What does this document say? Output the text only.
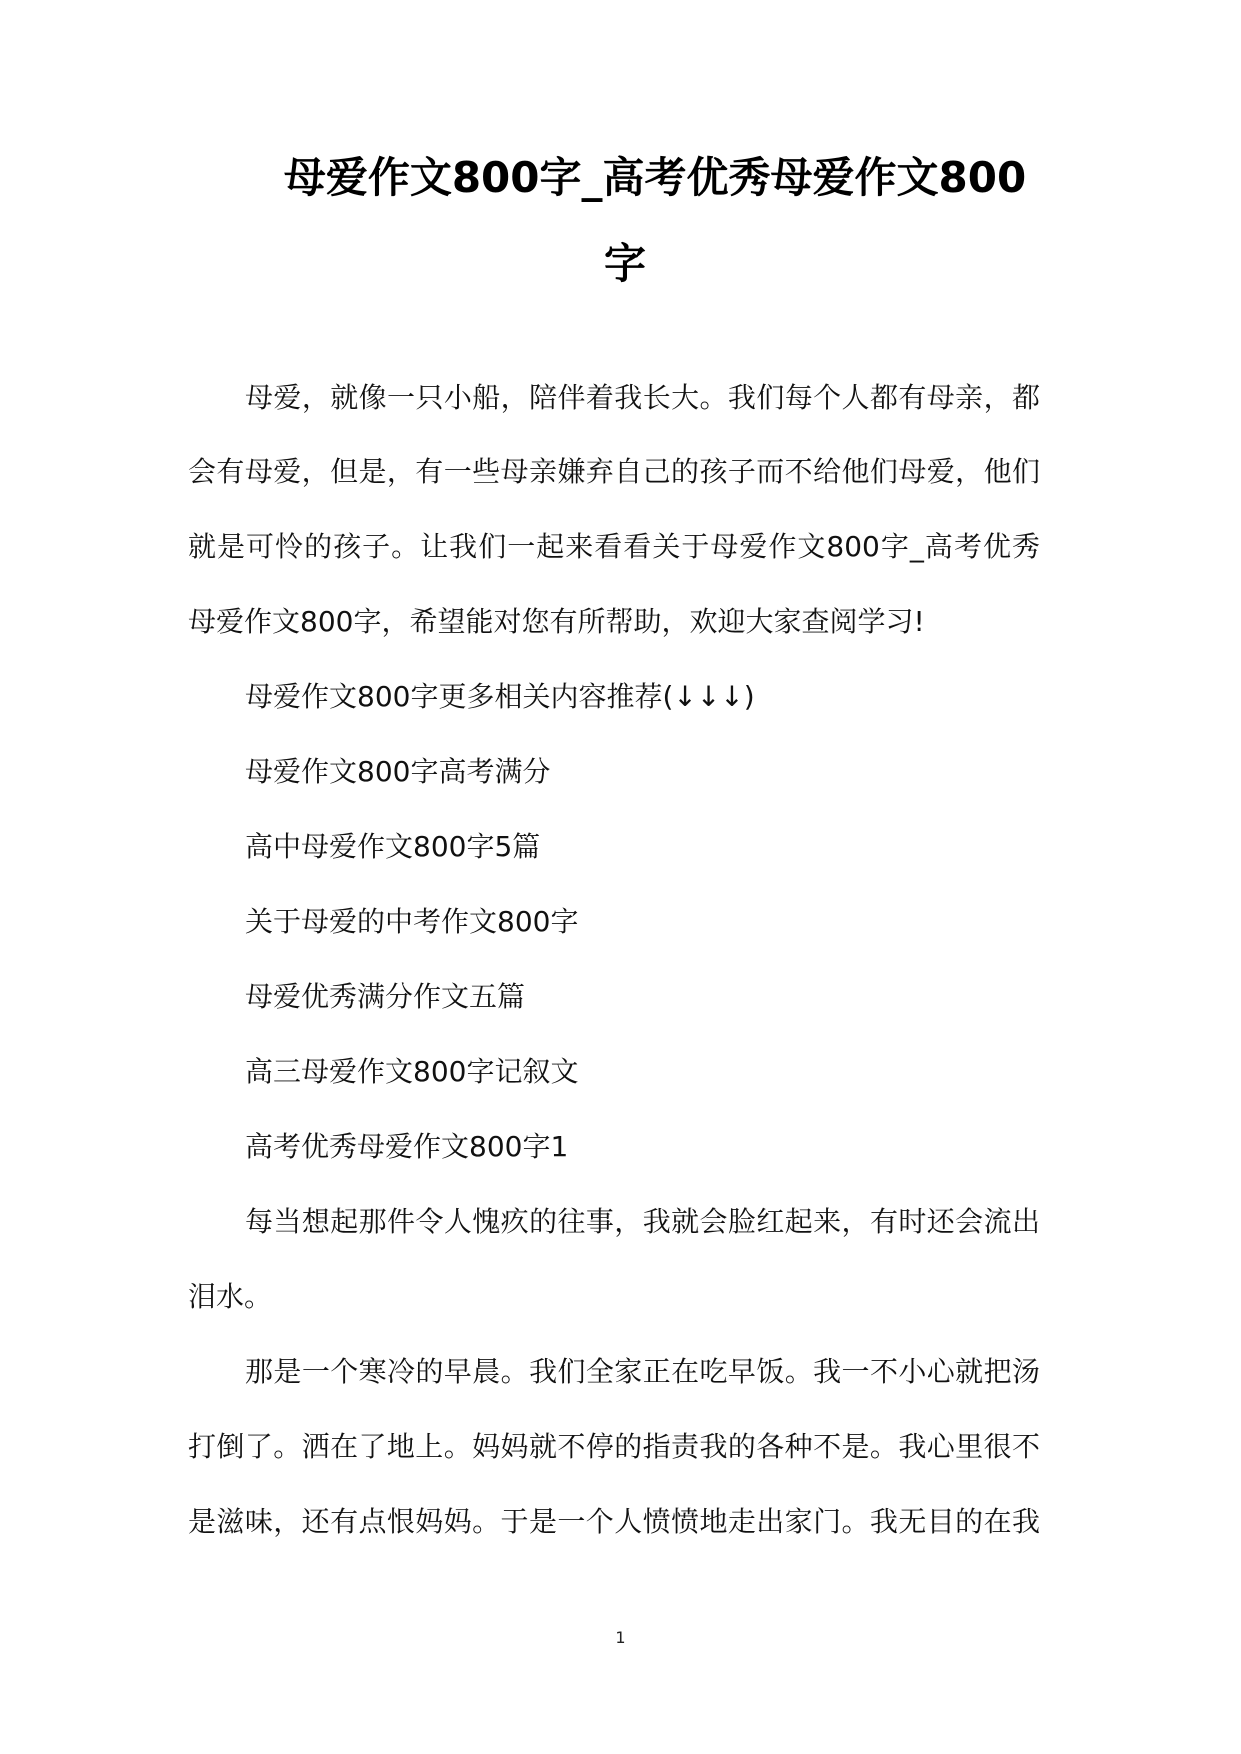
母爱作文800字_高考优秀母爱作文800
字
母爱，就像一只小船，陪伴着我长大。我们每个人都有母亲，都
会有母爱，但是，有一些母亲嫌弃自己的孩子而不给他们母爱，他们
就是可怜的孩子。让我们一起来看看关于母爱作文800字_高考优秀
母爱作文800字，希望能对您有所帮助，欢迎大家查阅学习!
母爱作文800字更多相关内容推荐(↓↓↓)
母爱作文800字高考满分
高中母爱作文800字5篇
关于母爱的中考作文800字
母爱优秀满分作文五篇
高三母爱作文800字记叙文
高考优秀母爱作文800字1
每当想起那件令人愧疚的往事，我就会脸红起来，有时还会流出
泪水。
那是一个寒冷的早晨。我们全家正在吃早饭。我一不小心就把汤
打倒了。洒在了地上。妈妈就不停的指责我的各种不是。我心里很不
是滋味，还有点恨妈妈。于是一个人愤愤地走出家门。我无目的在我
1
